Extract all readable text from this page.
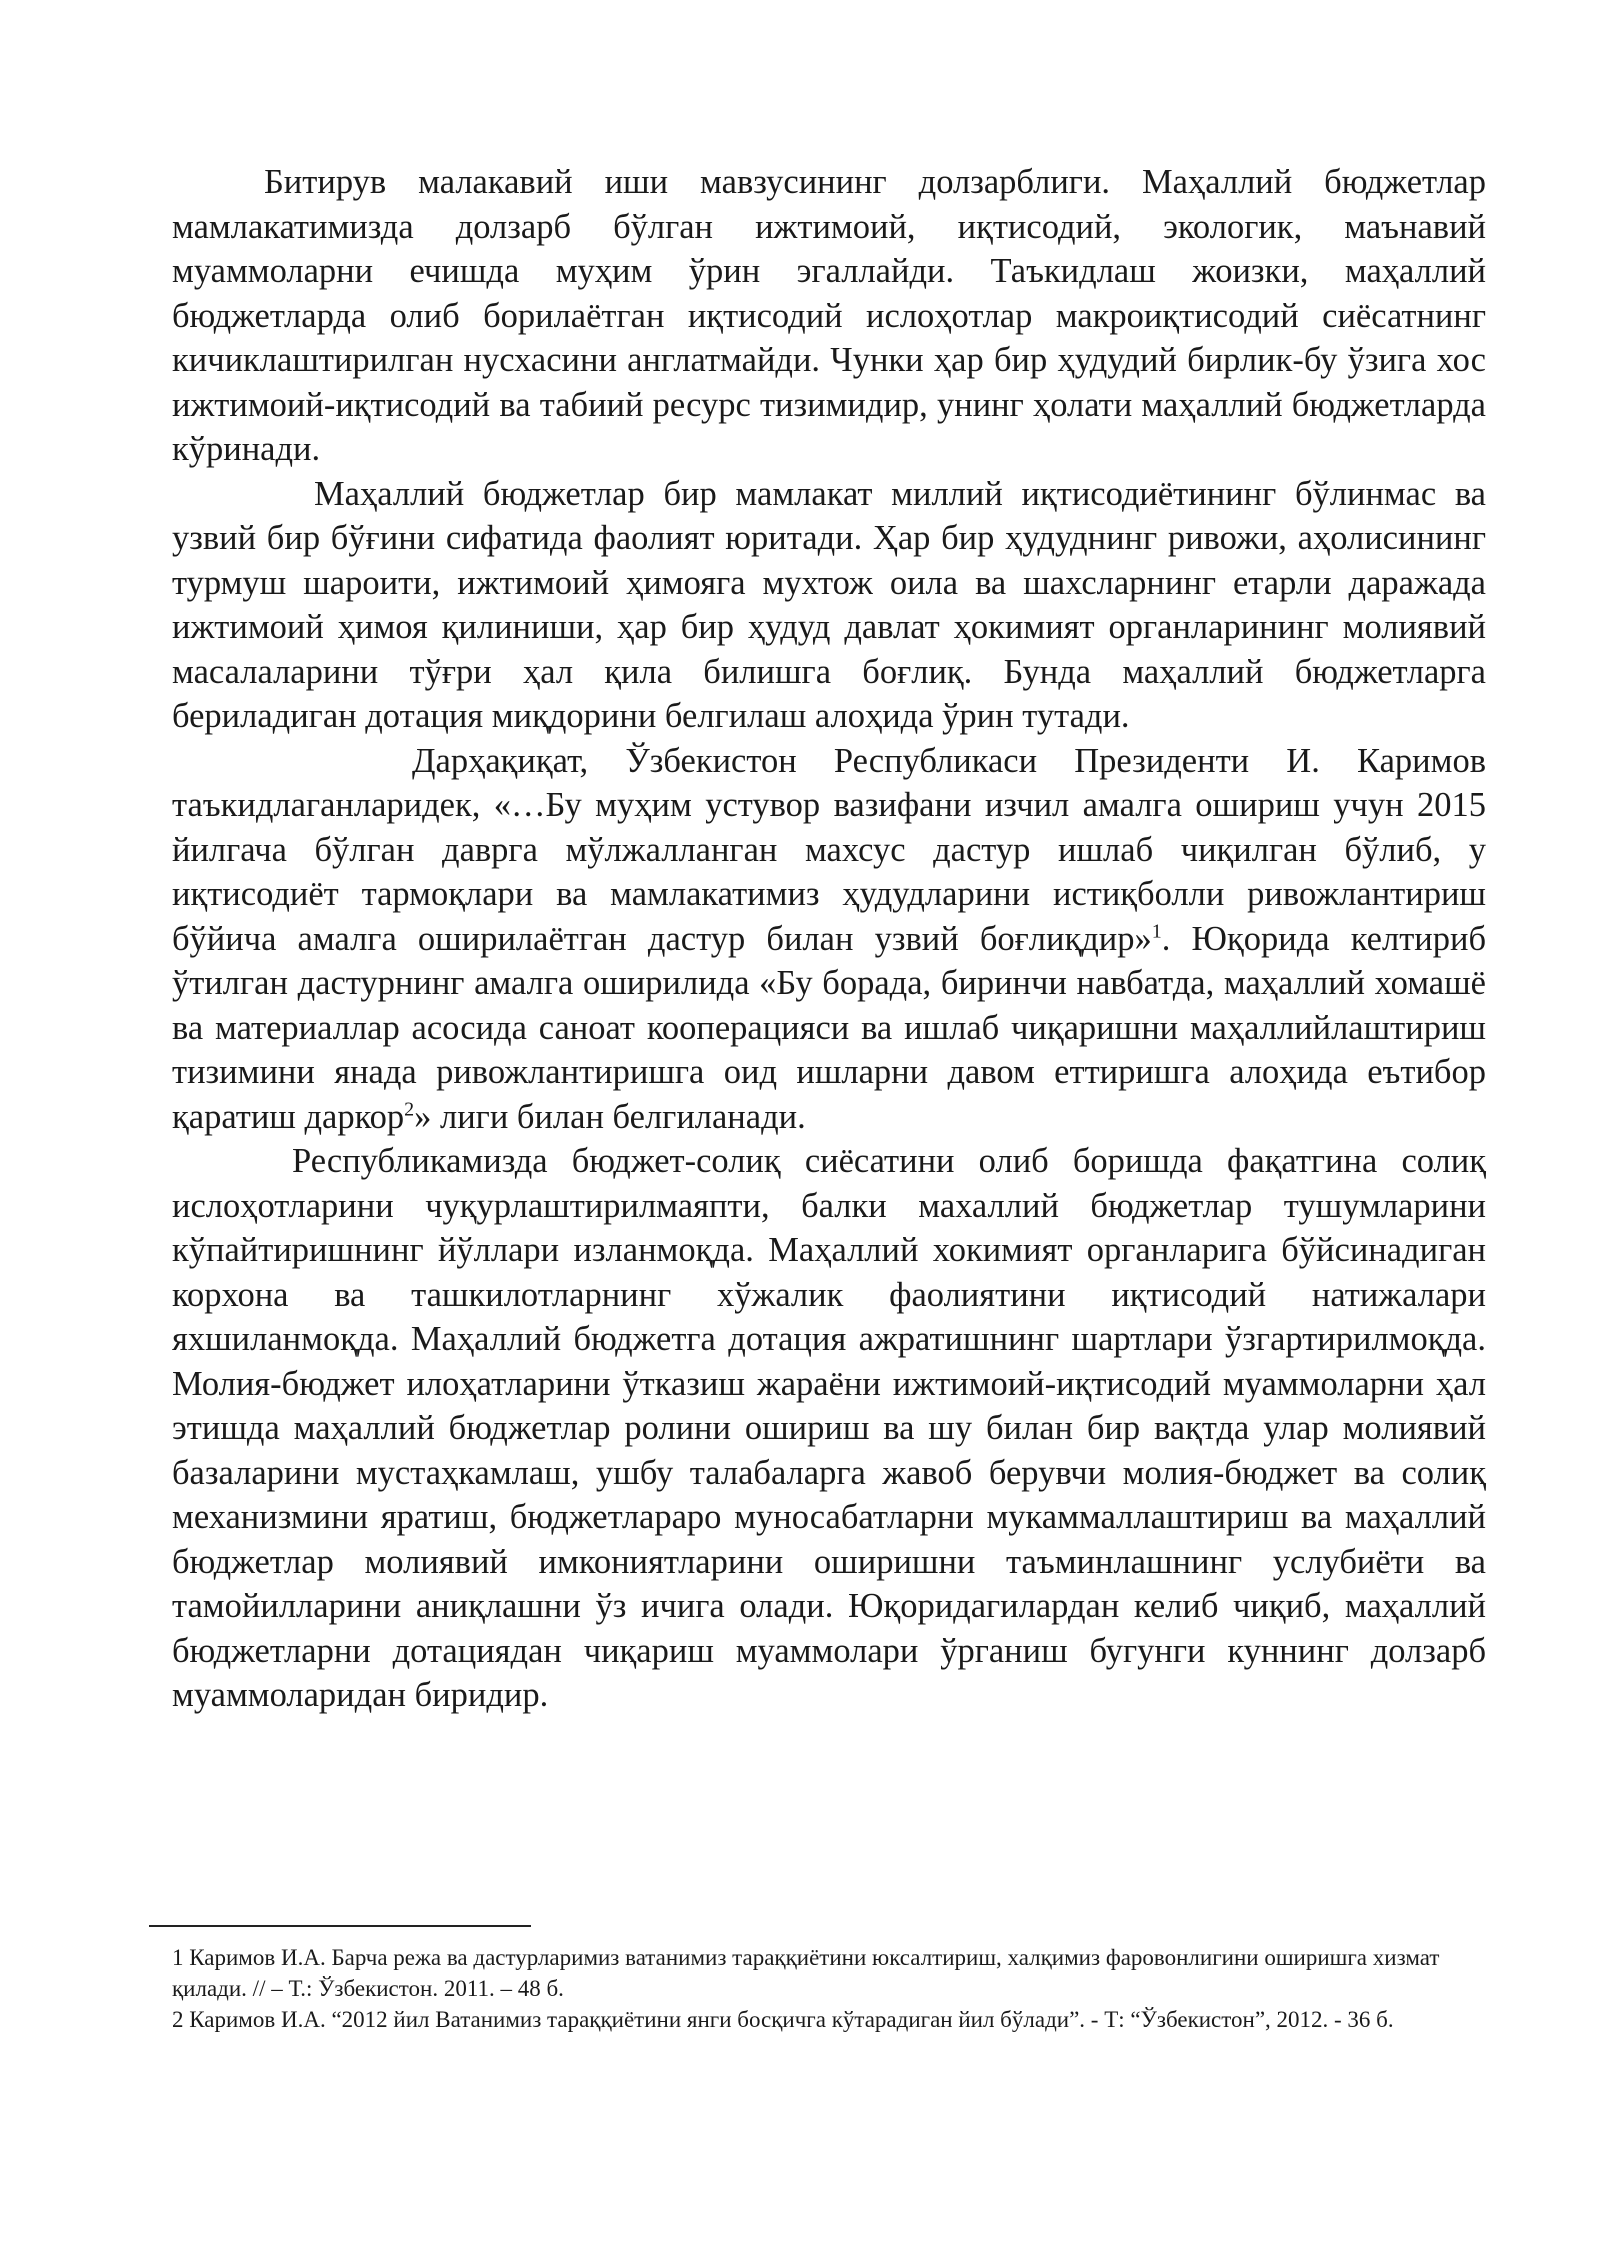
Битирув малакавий иши мавзусининг долзарблиги. Маҳаллий бюджетлар мамлакатимизда долзарб бўлган ижтимоий, иқтисодий, экологик, маънавий муаммоларни ечишда муҳим ўрин эгаллайди. Таъкидлаш жоизки, маҳаллий бюджетларда олиб борилаётган иқтисодий ислоҳотлар макроиқтисодий сиёсатнинг кичиклаштирилган нусхасини англатмайди. Чунки ҳар бир ҳудудий бирлик-бу ўзига хос ижтимоий-иқтисодий ва табиий ресурс тизимидир, унинг ҳолати маҳаллий бюджетларда кўринади.

Маҳаллий бюджетлар бир мамлакат миллий иқтисодиётининг бўлинмас ва узвий бир бўғини сифатида фаолият юритади. Ҳар бир ҳудуднинг ривожи, аҳолисининг турмуш шароити, ижтимоий ҳимояга мухтож оила ва шахсларнинг етарли даражада ижтимоий ҳимоя қилиниши, ҳар бир ҳудуд давлат ҳокимият органларининг молиявий масалаларини тўғри ҳал қила билишга боғлиқ. Бунда маҳаллий бюджетларга бериладиган дотация миқдорини белгилаш алоҳида ўрин тутади.

Дарҳақиқат, Ўзбекистон Республикаси Президенти И. Каримов таъкидлаганларидек, «…Бу муҳим устувор вазифани изчил амалга ошириш учун 2015 йилгача бўлган даврга мўлжалланган махсус дастур ишлаб чиқилган бўлиб, у иқтисодиёт тармоқлари ва мамлакатимиз ҳудудларини истиқболли ривожлантириш бўйича амалга оширилаётган дастур билан узвий боғлиқдир»$^1$. Юқорида келтириб ўтилган дастурнинг амалга оширилида «Бу борада, биринчи навбатда, маҳаллий хомашё ва материаллар асосида саноат кооперацияси ва ишлаб чиқаришни маҳаллийлаштириш тизимини янада ривожлантиришга оид ишларни давом еттиришга алоҳида еътибор қаратиш даркор$^2$» лиги билан белгиланади.

Республикамизда бюджет-солиқ сиёсатини олиб боришда фақатгина солиқ ислоҳотларини чуқурлаштирилмаяпти, балки махаллий бюджетлар тушумларини кўпайтиришнинг йўллари изланмоқда. Маҳаллий хокимият органларига бўйсинадиган корхона ва ташкилотларнинг хўжалик фаолиятини иқтисодий натижалари яхшиланмоқда. Маҳаллий бюджетга дотация ажратишнинг шартлари ўзгартирилмоқда. Молия-бюджет илоҳатларини ўтказиш жараёни ижтимоий-иқтисодий муаммоларни ҳал этишда маҳаллий бюджетлар ролини ошириш ва шу билан бир вақтда улар молиявий базаларини мустаҳкамлаш, ушбу талабаларга жавоб берувчи молия-бюджет ва солиқ механизмини яратиш, бюджетлараро муносабатларни мукаммаллаштириш ва маҳаллий бюджетлар молиявий имкониятларини оширишни таъминлашнинг услубиёти ва тамойилларини аниқлашни ўз ичига олади. Юқоридагилардан келиб чиқиб, маҳаллий бюджетларни дотациядан чиқариш муаммолари ўрганиш бугунги куннинг долзарб муаммоларидан биридир.

1 Каримов И.А. Барча режа ва дастурларимиз ватанимиз тараққиётини юксалтириш, халқимиз фаровонлигини оширишга хизмат қилади. // – Т.: Ўзбекистон. 2011. – 48 б.

2 Каримов И.А. “2012 йил Ватанимиз тараққиётини янги босқичга кўтарадиган йил бўлади”. - Т: “Ўзбекистон”, 2012. - 36 б.
